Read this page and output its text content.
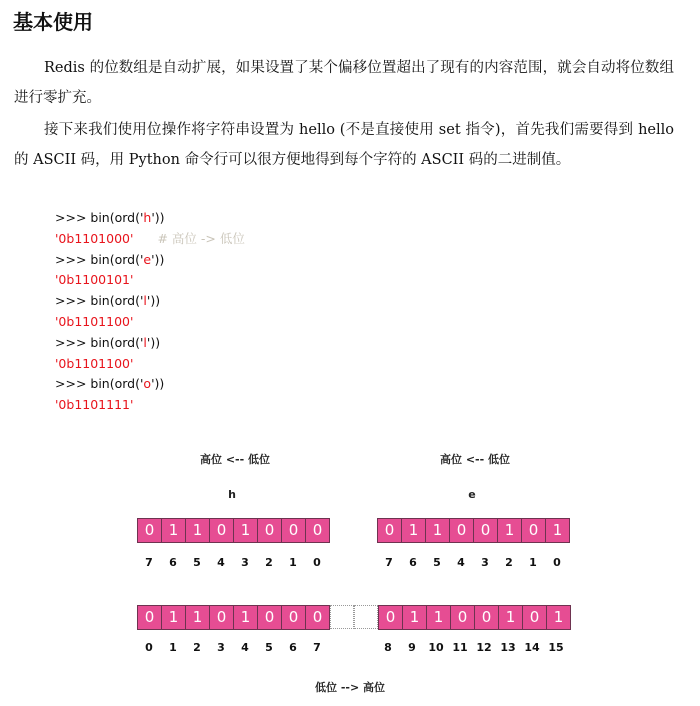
基本使用

Redis 的位数组是自动扩展，如果设置了某个偏移位置超出了现有的内容范围，就会自动将位数组进行零扩充。

接下来我们使用位操作将字符串设置为 hello (不是直接使用 set 指令)，首先我们需要得到 hello 的 ASCII 码，用 Python 命令行可以很方便地得到每个字符的 ASCII 码的二进制值。

>>> bin(ord('h'))
'0b1101000' # 高位 -> 低位
>>> bin(ord('e'))
'0b1100101'
>>> bin(ord('l'))
'0b1101100'
>>> bin(ord('l'))
'0b1101100'
>>> bin(ord('o'))
'0b1101111'
高位 <-- 低位	高位 <-- 低位
h	e
0 1 1 0 1 0 0 0	0 1 1 0 0 1 0 1
7	6	5	4	3	2	1	0	7	6	5	4	3	2	1	0
0 1 1 0 1 0 0 0	0 1 1 0 0 1 0 1
0	1	2	3	4	5	6	7	8	9	10 11 12 13 14 15
低位 --> 高位
